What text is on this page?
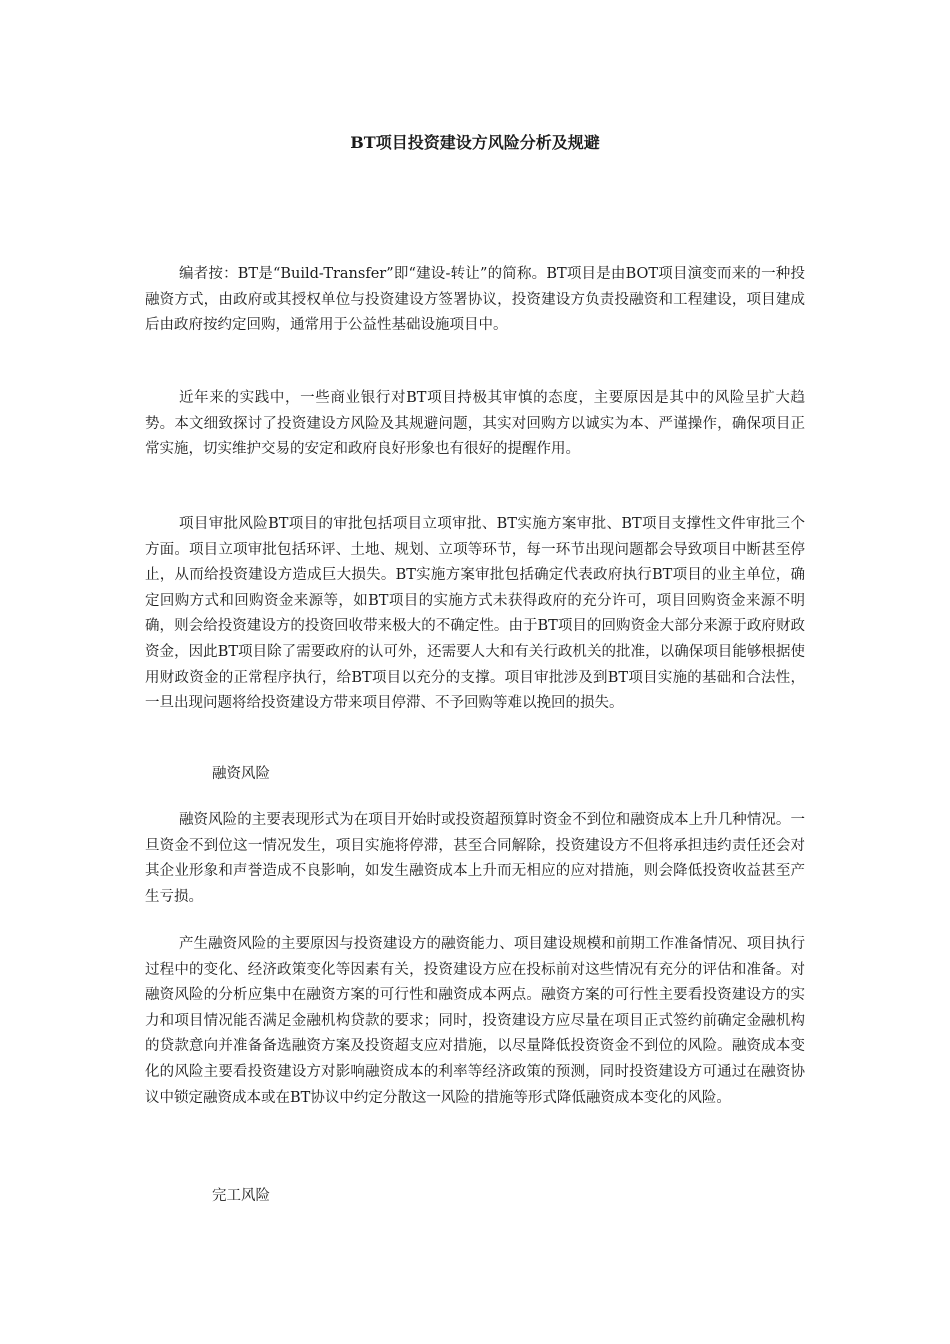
BT项目投资建设方风险分析及规避

编者按：BT是“Build-Transfer”即“建设-转让”的简称。BT项目是由BOT项目演变而来的一种投融资方式，由政府或其授权单位与投资建设方签署协议，投资建设方负责投融资和工程建设，项目建成后由政府按约定回购，通常用于公益性基础设施项目中。

近年来的实践中，一些商业银行对BT项目持极其审慎的态度，主要原因是其中的风险呈扩大趋势。本文细致探讨了投资建设方风险及其规避问题，其实对回购方以诚实为本、严谨操作，确保项目正常实施，切实维护交易的安定和政府良好形象也有很好的提醒作用。

项目审批风险BT项目的审批包括项目立项审批、BT实施方案审批、BT项目支撑性文件审批三个方面。项目立项审批包括环评、土地、规划、立项等环节，每一环节出现问题都会导致项目中断甚至停止，从而给投资建设方造成巨大损失。BT实施方案审批包括确定代表政府执行BT项目的业主单位，确定回购方式和回购资金来源等，如BT项目的实施方式未获得政府的充分许可，项目回购资金来源不明确，则会给投资建设方的投资回收带来极大的不确定性。由于BT项目的回购资金大部分来源于政府财政资金，因此BT项目除了需要政府的认可外，还需要人大和有关行政机关的批准，以确保项目能够根据使用财政资金的正常程序执行，给BT项目以充分的支撑。项目审批涉及到BT项目实施的基础和合法性，一旦出现问题将给投资建设方带来项目停滞、不予回购等难以挽回的损失。

融资风险

融资风险的主要表现形式为在项目开始时或投资超预算时资金不到位和融资成本上升几种情况。一旦资金不到位这一情况发生，项目实施将停滞，甚至合同解除，投资建设方不但将承担违约责任还会对其企业形象和声誉造成不良影响，如发生融资成本上升而无相应的应对措施，则会降低投资收益甚至产生亏损。

产生融资风险的主要原因与投资建设方的融资能力、项目建设规模和前期工作准备情况、项目执行过程中的变化、经济政策变化等因素有关，投资建设方应在投标前对这些情况有充分的评估和准备。对融资风险的分析应集中在融资方案的可行性和融资成本两点。融资方案的可行性主要看投资建设方的实力和项目情况能否满足金融机构贷款的要求；同时，投资建设方应尽量在项目正式签约前确定金融机构的贷款意向并准备备选融资方案及投资超支应对措施，以尽量降低投资资金不到位的风险。融资成本变化的风险主要看投资建设方对影响融资成本的利率等经济政策的预测，同时投资建设方可通过在融资协议中锁定融资成本或在BT协议中约定分散这一风险的措施等形式降低融资成本变化的风险。

完工风险
